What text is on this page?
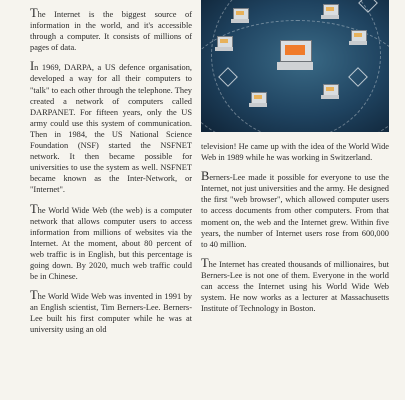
The Internet is the biggest source of information in the world, and it's accessible through a computer. It consists of millions of pages of data.

In 1969, DARPA, a US defence organisation, developed a way for all their computers to "talk" to each other through the telephone. They created a network of computers called DARPANET. For fifteen years, only the US army could use this system of communication. Then in 1984, the US National Science Foundation (NSF) started the NSFNET network. It then became possible for universities to use the system as well. NSFNET became known as the Inter-Network, or "Internet".

The World Wide Web (the web) is a computer network that allows computer users to access information from millions of websites via the Internet. At the moment, about 80 percent of web traffic is in English, but this percentage is going down. By 2020, much web traffic could be in Chinese.

The World Wide Web was invented in 1991 by an English scientist, Tim Berners-Lee. Berners-Lee built his first computer while he was at university using an old

television! He came up with the idea of the World Wide Web in 1989 while he was working in Switzerland.

Berners-Lee made it possible for everyone to use the Internet, not just universities and the army. He designed the first "web browser", which allowed computer users to access documents from other computers. From that moment on, the web and the Internet grew. Within five years, the number of Internet users rose from 600,000 to 40 million.

The Internet has created thousands of millionaires, but Berners-Lee is not one of them. Everyone in the world can access the Internet using his World Wide Web system. He now works as a lecturer at Massachusetts Institute of Technology in Boston.
